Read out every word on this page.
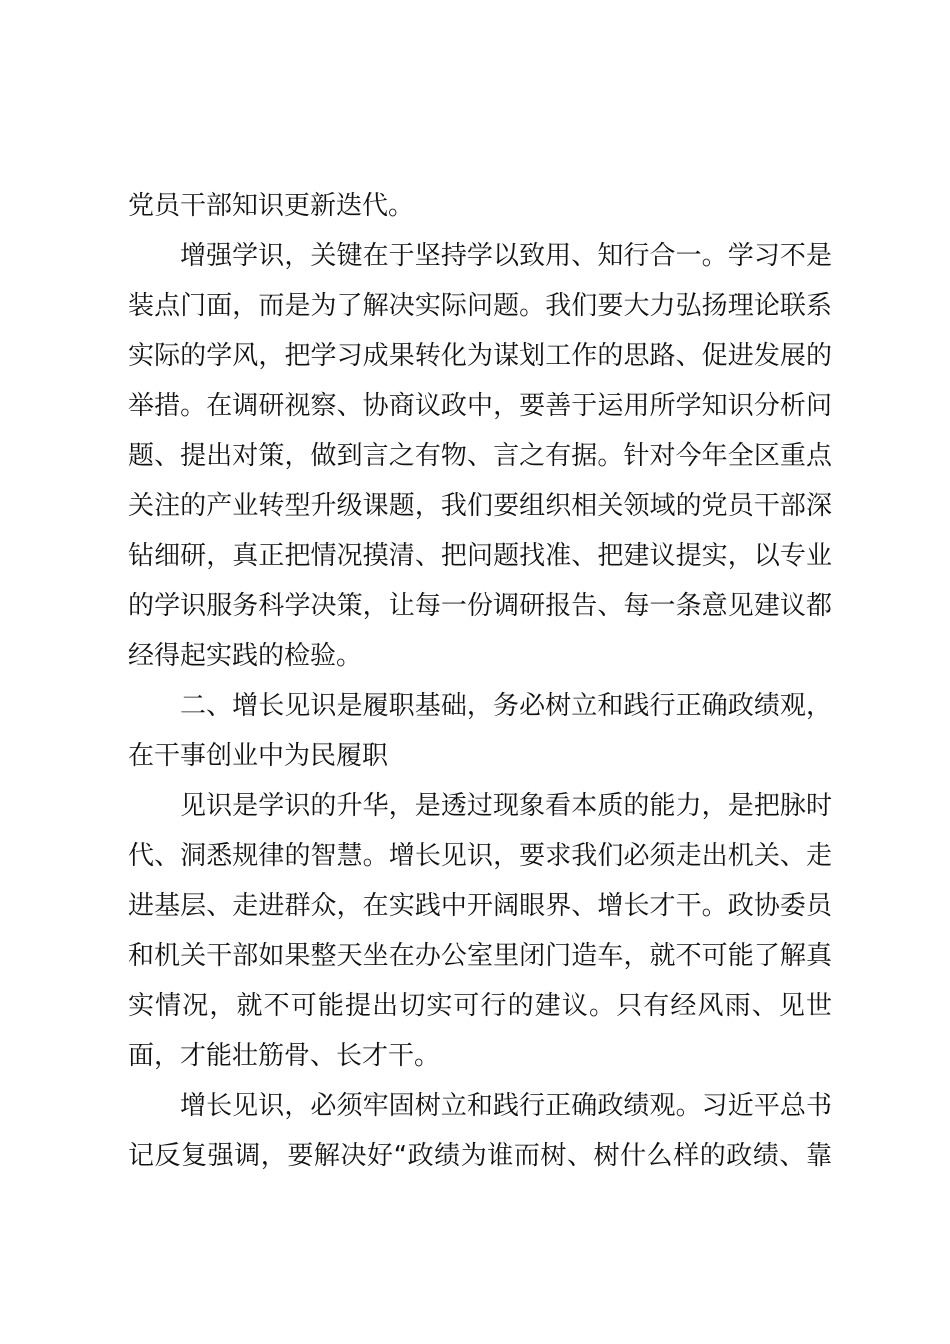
党员干部知识更新迭代。
增强学识，关键在于坚持学以致用、知行合一。学习不是
装点门面，而是为了解决实际问题。我们要大力弘扬理论联系
实际的学风，把学习成果转化为谋划工作的思路、促进发展的
举措。在调研视察、协商议政中，要善于运用所学知识分析问
题、提出对策，做到言之有物、言之有据。针对今年全区重点
关注的产业转型升级课题，我们要组织相关领域的党员干部深
钻细研，真正把情况摸清、把问题找准、把建议提实，以专业
的学识服务科学决策，让每一份调研报告、每一条意见建议都
经得起实践的检验。
二、增长见识是履职基础，务必树立和践行正确政绩观，
在干事创业中为民履职
见识是学识的升华，是透过现象看本质的能力，是把脉时
代、洞悉规律的智慧。增长见识，要求我们必须走出机关、走
进基层、走进群众，在实践中开阔眼界、增长才干。政协委员
和机关干部如果整天坐在办公室里闭门造车，就不可能了解真
实情况，就不可能提出切实可行的建议。只有经风雨、见世
面，才能壮筋骨、长才干。
增长见识，必须牢固树立和践行正确政绩观。习近平总书
记反复强调，要解决好“政绩为谁而树、树什么样的政绩、靠
